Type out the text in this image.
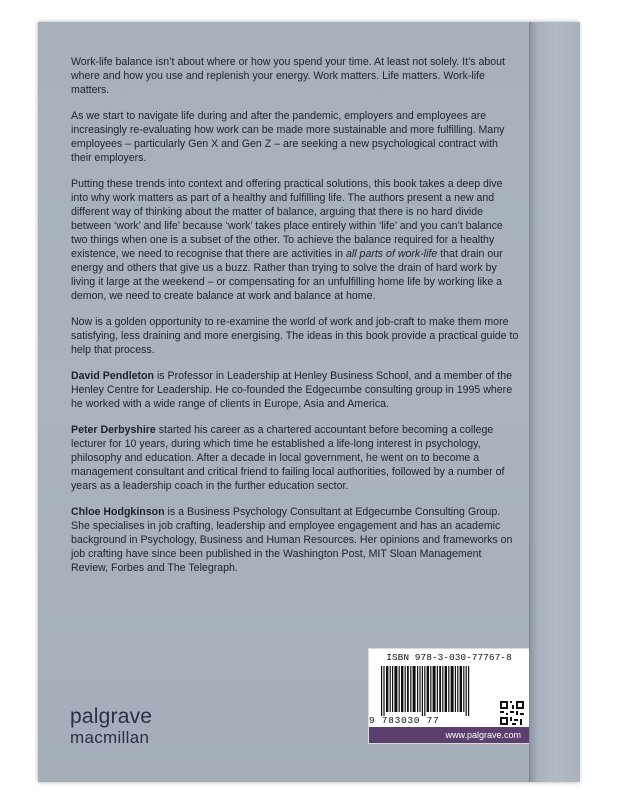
Work-life balance isn’t about where or how you spend your time. At least not solely. It’s about where and how you use and replenish your energy. Work matters. Life matters. Work-life matters.

As we start to navigate life during and after the pandemic, employers and employees are increasingly re-evaluating how work can be made more sustainable and more fulfilling. Many employees – particularly Gen X and Gen Z – are seeking a new psychological contract with their employers.

Putting these trends into context and offering practical solutions, this book takes a deep dive into why work matters as part of a healthy and fulfilling life. The authors present a new and different way of thinking about the matter of balance, arguing that there is no hard divide between ‘work’ and life’ because ‘work’ takes place entirely within ‘life’ and you can’t balance two things when one is a subset of the other. To achieve the balance required for a healthy existence, we need to recognise that there are activities in all parts of work-life that drain our energy and others that give us a buzz. Rather than trying to solve the drain of hard work by living it large at the weekend – or compensating for an unfulfilling home life by working like a demon, we need to create balance at work and balance at home.

Now is a golden opportunity to re-examine the world of work and job-craft to make them more satisfying, less draining and more energising. The ideas in this book provide a practical guide to help that process.

David Pendleton is Professor in Leadership at Henley Business School, and a member of the Henley Centre for Leadership. He co-founded the Edgecumbe consulting group in 1995 where he worked with a wide range of clients in Europe, Asia and America.

Peter Derbyshire started his career as a chartered accountant before becoming a college lecturer for 10 years, during which time he established a life-long interest in psychology, philosophy and education. After a decade in local government, he went on to become a management consultant and critical friend to failing local authorities, followed by a number of years as a leadership coach in the further education sector.

Chloe Hodgkinson is a Business Psychology Consultant at Edgecumbe Consulting Group. She specialises in job crafting, leadership and employee engagement and has an academic background in Psychology, Business and Human Resources. Her opinions and frameworks on job crafting have since been published in the Washington Post, MIT Sloan Management Review, Forbes and The Telegraph.

palgrave
macmillan
ISBN 978-3-030-77767-8
9 783030 77
www.palgrave.com
